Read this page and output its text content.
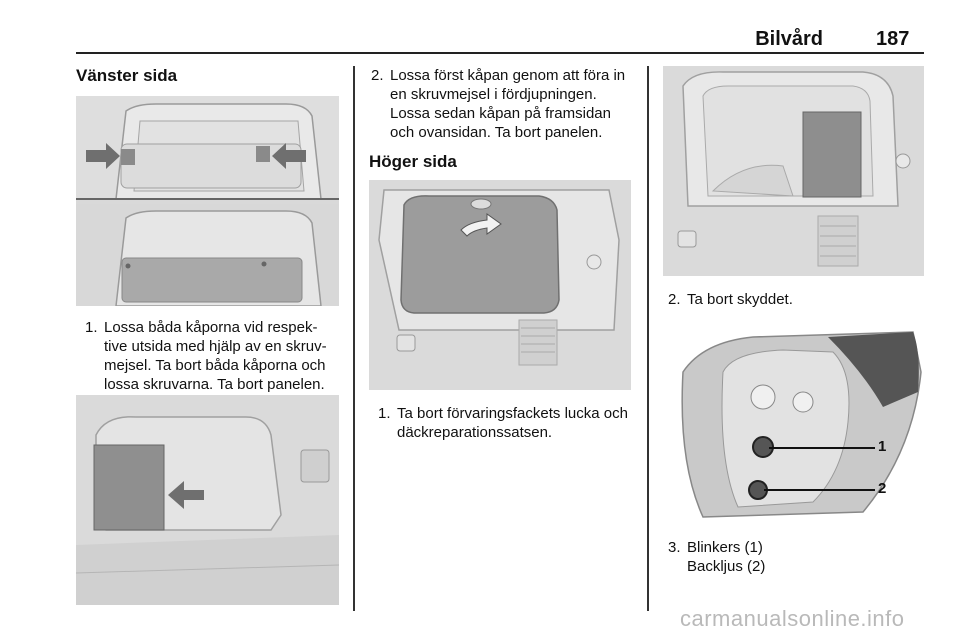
Bilvård	187
Vänster sida
1. Lossa båda kåporna vid respek-tive utsida med hjälp av en skruv-mejsel. Ta bort båda kåporna och lossa skruvarna. Ta bort panelen.
2. Lossa först kåpan genom att föra in en skruvmejsel i fördjupningen. Lossa sedan kåpan på framsidan och ovansidan. Ta bort panelen.
Höger sida
1. Ta bort förvaringsfackets lucka och däckreparationssatsen.
2. Ta bort skyddet.
1
2
3. Blinkers (1)
Backljus (2)
carmanualsonline.info
